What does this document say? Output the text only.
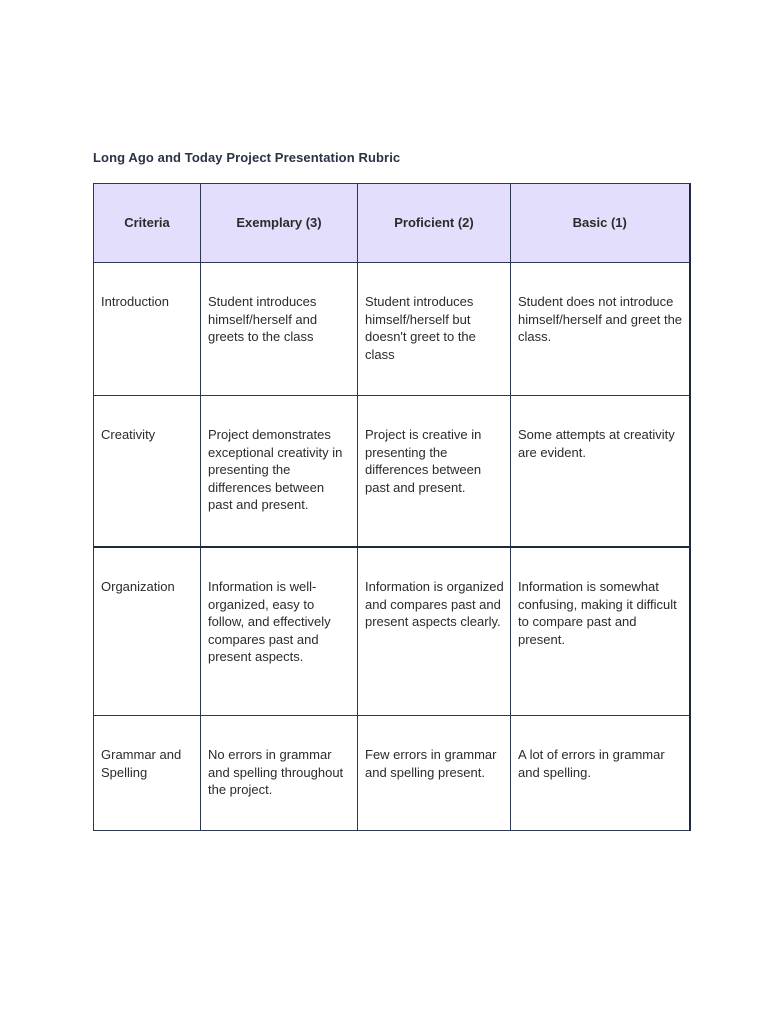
Long Ago and Today Project Presentation Rubric
Criteria	Exemplary (3)	Proficient (2)	Basic (1)
Introduction	Student introduces himself/herself and greets to the class	Student introduces himself/herself but doesn't greet to the class	Student does not introduce himself/herself and greet the class.
Creativity	Project demonstrates exceptional creativity in presenting the differences between past and present.	Project is creative in presenting the differences between past and present.	Some attempts at creativity are evident.
Organization	Information is well-organized, easy to follow, and effectively compares past and present aspects.	Information is organized and compares past and present aspects clearly.	Information is somewhat confusing, making it difficult to compare past and present.
Grammar and Spelling	No errors in grammar and spelling throughout the project.	Few errors in grammar and spelling present.	A lot of errors in grammar and spelling.
